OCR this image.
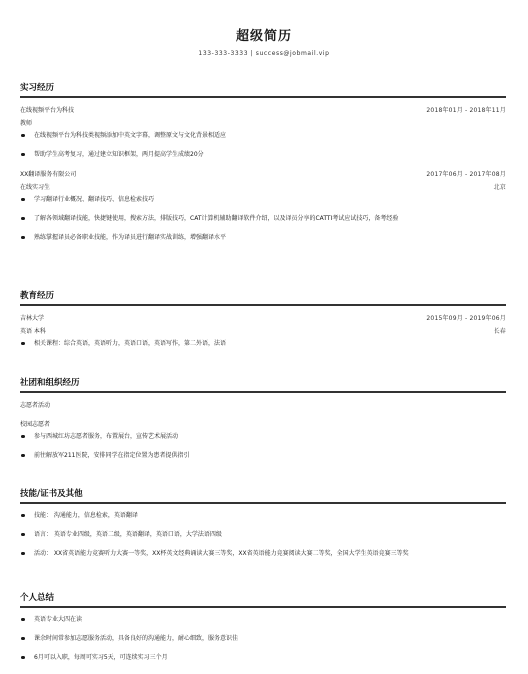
超级简历
133-333-3333 | success@jobmail.vip
实习经历
在线视频平台为科技	2018年01月 - 2018年11月
教师
在线视频平台为科技类视频添加中英文字幕，调整原文与文化背景相适应
帮助学生高考复习，通过建立知识框架，两月提高学生成绩20分
XX翻译服务有限公司	2017年06月 - 2017年08月
在线实习生	北京
学习翻译行业概况、翻译技巧、信息检索技巧
了解各领域翻译技能，快捷键使用，搜索方法，排版技巧，CAT计算机辅助翻译软件介绍，以及译员分享的CATTI考试应试技巧，备考经验
熟练掌握译员必备职业技能，作为译员进行翻译实战训练，增强翻译水平
教育经历
吉林大学	2015年09月 - 2019年06月
英语 本科	长春
相关课程：综合英语，英语听力，英语口语，英语写作，第二外语，法语
社团和组织经历
志愿者活动
校园志愿者
参与西城红坊志愿者服务，布置展台，宣传艺术展活动
前往解放军211医院，安排同学在指定位置为患者提供指引
技能/证书及其他
技能： 沟通能力，信息检索，英语翻译
语言： 英语专业四级，英语二级，英语翻译，英语口语，大学法语四级
活动： XX省英语能力竞赛听力大赛一等奖，XX杯英文经典诵读大赛三等奖，XX省英语能力竞赛阅读大赛二等奖，全国大学生英语竞赛三等奖
个人总结
英语专业大四在读
课余时间常参加志愿服务活动，具备良好的沟通能力，耐心细致，服务意识佳
6月可以入职，每周可实习5天，可连续实习三个月
